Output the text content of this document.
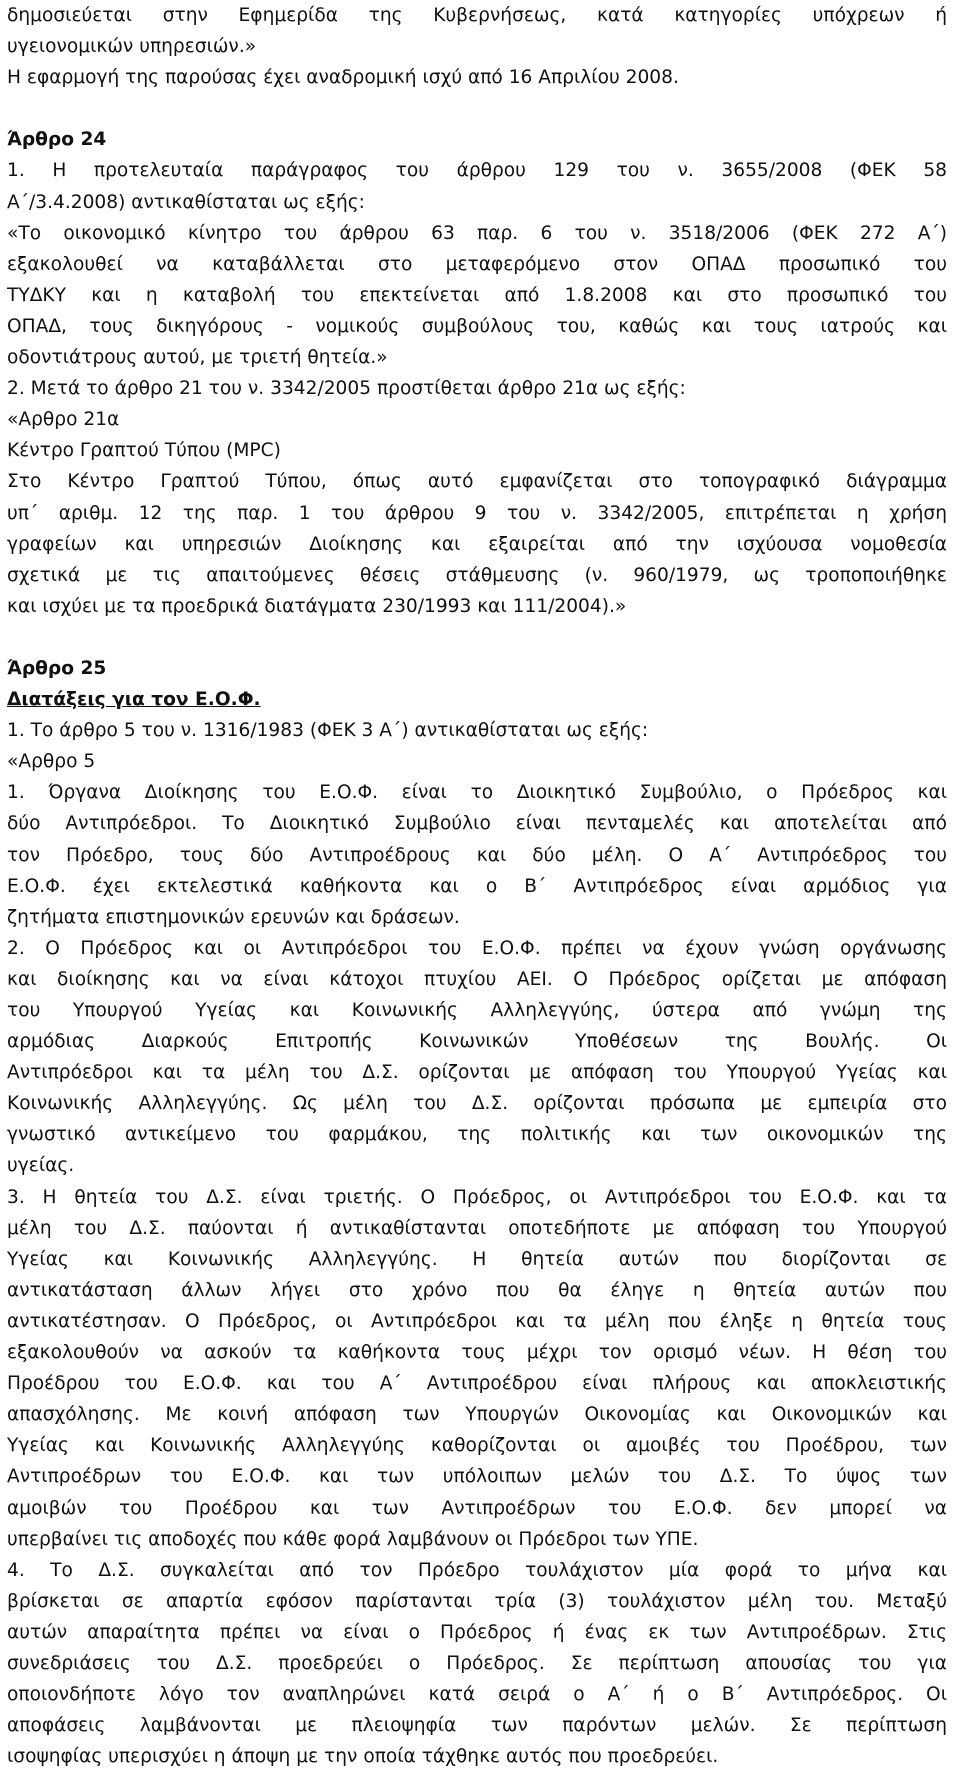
δημοσιεύεται στην Εφημερίδα της Κυβερνήσεως, κατά κατηγορίες υπόχρεων ή
υγειονομικών υπηρεσιών.»
Η εφαρμογή της παρούσας έχει αναδρομική ισχύ από 16 Απριλίου 2008.
Άρθρο 24
1. Η προτελευταία παράγραφος του άρθρου 129 του ν. 3655/2008 (ΦΕΚ 58
Α΄/3.4.2008) αντικαθίσταται ως εξής:
«Το οικονομικό κίνητρο του άρθρου 63 παρ. 6 του ν. 3518/2006 (ΦΕΚ 272 Α΄)
εξακολουθεί να καταβάλλεται στο μεταφερόμενο στον ΟΠΑΔ προσωπικό του
ΤΥΔΚΥ και η καταβολή του επεκτείνεται από 1.8.2008 και στο προσωπικό του
ΟΠΑΔ, τους δικηγόρους - νομικούς συμβούλους του, καθώς και τους ιατρούς και
οδοντιάτρους αυτού, με τριετή θητεία.»
2. Μετά το άρθρο 21 του ν. 3342/2005 προστίθεται άρθρο 21α ως εξής:
«Αρθρο 21α
Κέντρο Γραπτού Τύπου (MPC)
Στο Κέντρο Γραπτού Τύπου, όπως αυτό εμφανίζεται στο τοπογραφικό διάγραμμα
υπ΄ αριθμ. 12 της παρ. 1 του άρθρου 9 του ν. 3342/2005, επιτρέπεται η χρήση
γραφείων και υπηρεσιών Διοίκησης και εξαιρείται από την ισχύουσα νομοθεσία
σχετικά με τις απαιτούμενες θέσεις στάθμευσης (ν. 960/1979, ως τροποποιήθηκε
και ισχύει με τα προεδρικά διατάγματα 230/1993 και 111/2004).»
Άρθρο 25
Διατάξεις για τον Ε.Ο.Φ.
1. Το άρθρο 5 του ν. 1316/1983 (ΦΕΚ 3 Α΄) αντικαθίσταται ως εξής:
«Αρθρο 5
1. Όργανα Διοίκησης του Ε.Ο.Φ. είναι το Διοικητικό Συμβούλιο, ο Πρόεδρος και
δύο Αντιπρόεδροι. Το Διοικητικό Συμβούλιο είναι πενταμελές και αποτελείται από
τον Πρόεδρο, τους δύο Αντιπροέδρους και δύο μέλη. Ο Α΄ Αντιπρόεδρος του
Ε.Ο.Φ. έχει εκτελεστικά καθήκοντα και ο Β΄ Αντιπρόεδρος είναι αρμόδιος για
ζητήματα επιστημονικών ερευνών και δράσεων.
2. Ο Πρόεδρος και οι Αντιπρόεδροι του Ε.Ο.Φ. πρέπει να έχουν γνώση οργάνωσης
και διοίκησης και να είναι κάτοχοι πτυχίου ΑΕΙ. Ο Πρόεδρος ορίζεται με απόφαση
του Υπουργού Υγείας και Κοινωνικής Αλληλεγγύης, ύστερα από γνώμη της
αρμόδιας Διαρκούς Επιτροπής Κοινωνικών Υποθέσεων της Βουλής. Οι
Αντιπρόεδροι και τα μέλη του Δ.Σ. ορίζονται με απόφαση του Υπουργού Υγείας και
Κοινωνικής Αλληλεγγύης. Ως μέλη του Δ.Σ. ορίζονται πρόσωπα με εμπειρία στο
γνωστικό αντικείμενο του φαρμάκου, της πολιτικής και των οικονομικών της
υγείας.
3. Η θητεία του Δ.Σ. είναι τριετής. Ο Πρόεδρος, οι Αντιπρόεδροι του Ε.Ο.Φ. και τα
μέλη του Δ.Σ. παύονται ή αντικαθίστανται οποτεδήποτε με απόφαση του Υπουργού
Υγείας και Κοινωνικής Αλληλεγγύης. Η θητεία αυτών που διορίζονται σε
αντικατάσταση άλλων λήγει στο χρόνο που θα έληγε η θητεία αυτών που
αντικατέστησαν. Ο Πρόεδρος, οι Αντιπρόεδροι και τα μέλη που έληξε η θητεία τους
εξακολουθούν να ασκούν τα καθήκοντα τους μέχρι τον ορισμό νέων. Η θέση του
Προέδρου του Ε.Ο.Φ. και του Α΄ Αντιπροέδρου είναι πλήρους και αποκλειστικής
απασχόλησης. Με κοινή απόφαση των Υπουργών Οικονομίας και Οικονομικών και
Υγείας και Κοινωνικής Αλληλεγγύης καθορίζονται οι αμοιβές του Προέδρου, των
Αντιπροέδρων του Ε.Ο.Φ. και των υπόλοιπων μελών του Δ.Σ. Το ύψος των
αμοιβών του Προέδρου και των Αντιπροέδρων του Ε.Ο.Φ. δεν μπορεί να
υπερβαίνει τις αποδοχές που κάθε φορά λαμβάνουν οι Πρόεδροι των ΥΠΕ.
4. Το Δ.Σ. συγκαλείται από τον Πρόεδρο τουλάχιστον μία φορά το μήνα και
βρίσκεται σε απαρτία εφόσον παρίστανται τρία (3) τουλάχιστον μέλη του. Μεταξύ
αυτών απαραίτητα πρέπει να είναι ο Πρόεδρος ή ένας εκ των Αντιπροέδρων. Στις
συνεδριάσεις του Δ.Σ. προεδρεύει ο Πρόεδρος. Σε περίπτωση απουσίας του για
οποιονδήποτε λόγο τον αναπληρώνει κατά σειρά ο Α΄ ή ο Β΄ Αντιπρόεδρος. Οι
αποφάσεις λαμβάνονται με πλειοψηφία των παρόντων μελών. Σε περίπτωση
ισοψηφίας υπερισχύει η άποψη με την οποία τάχθηκε αυτός που προεδρεύει.
